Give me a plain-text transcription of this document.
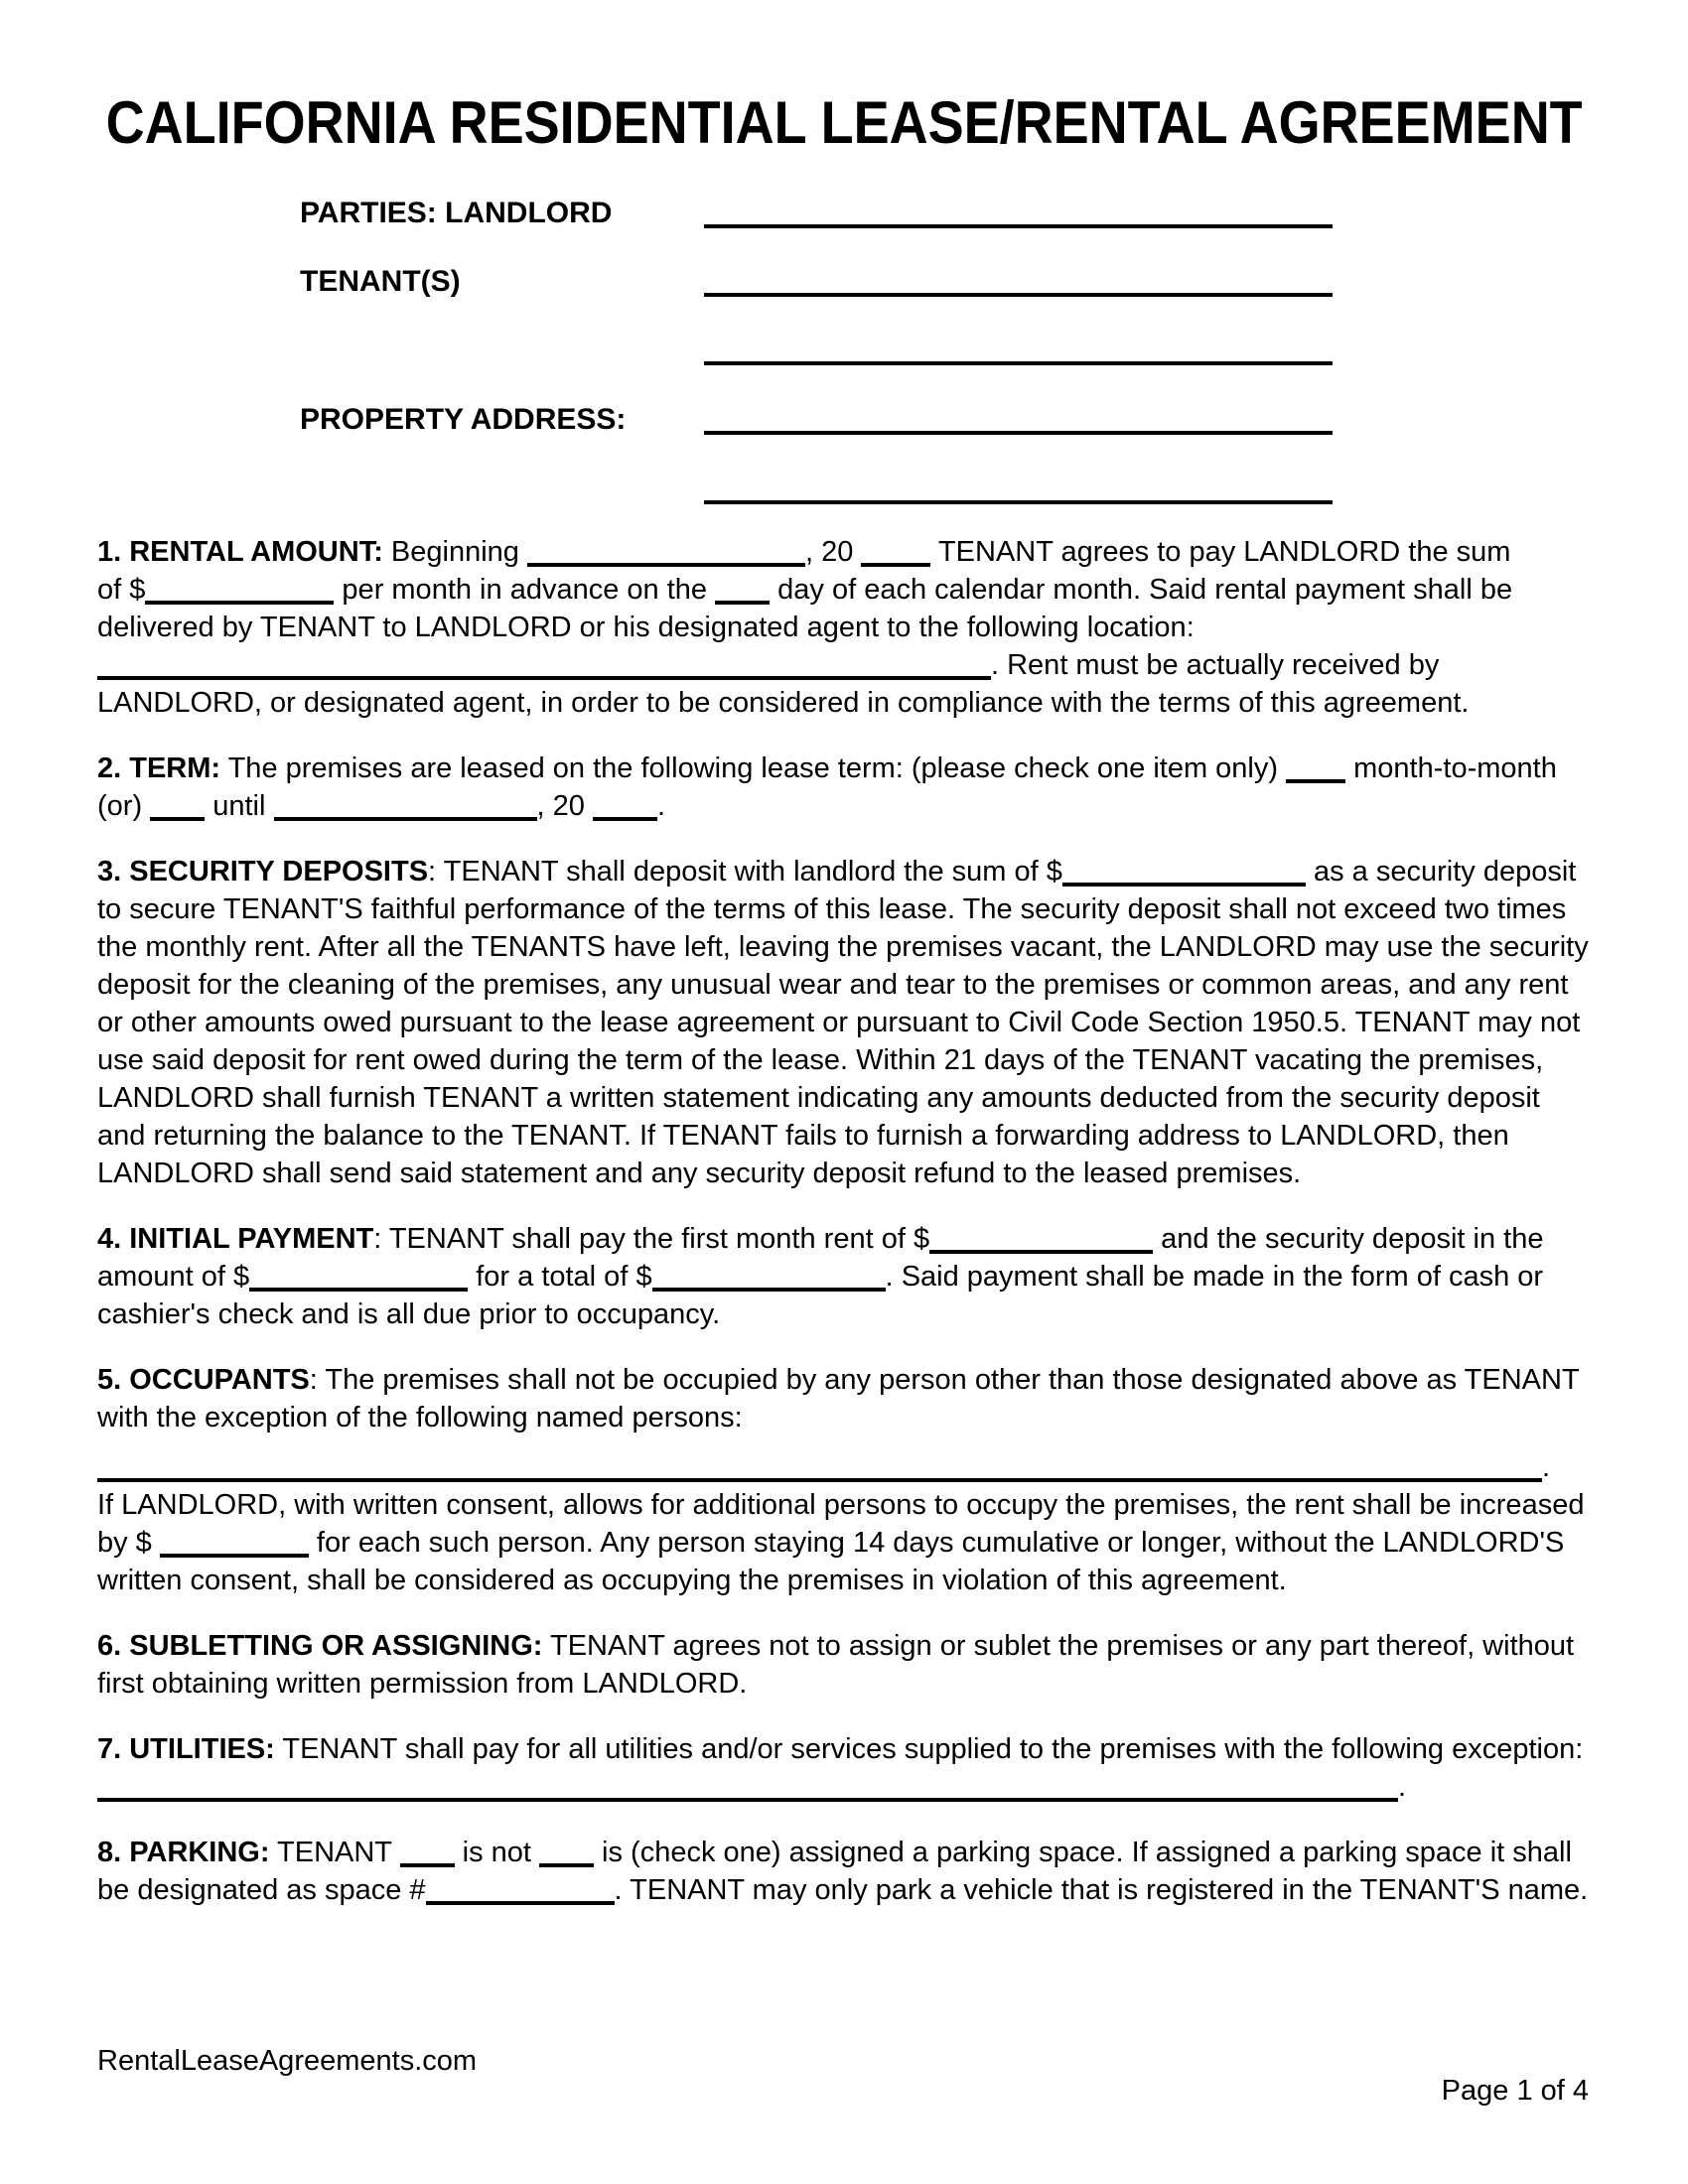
CALIFORNIA RESIDENTIAL LEASE/RENTAL AGREEMENT
PARTIES: LANDLORD
TENANT(S)
PROPERTY ADDRESS:

1. RENTAL AMOUNT: Beginning	, 20  TENANT agrees to pay LANDLORD the sum of $	per month in advance on the  day of each calendar month. Said rental payment shall be delivered by TENANT to LANDLORD or his designated agent to the following location: . Rent must be actually received by LANDLORD, or designated agent, in order to be considered in compliance with the terms of this agreement.

2. TERM: The premises are leased on the following lease term: (please check one item only)  month-to-month (or)  until	, 20 .

3. SECURITY DEPOSITS: TENANT shall deposit with landlord the sum of $	as a security deposit to secure TENANT'S faithful performance of the terms of this lease. The security deposit shall not exceed two times the monthly rent. After all the TENANTS have left, leaving the premises vacant, the LANDLORD may use the security deposit for the cleaning of the premises, any unusual wear and tear to the premises or common areas, and any rent or other amounts owed pursuant to the lease agreement or pursuant to Civil Code Section 1950.5. TENANT may not use said deposit for rent owed during the term of the lease. Within 21 days of the TENANT vacating the premises, LANDLORD shall furnish TENANT a written statement indicating any amounts deducted from the security deposit and returning the balance to the TENANT. If TENANT fails to furnish a forwarding address to LANDLORD, then LANDLORD shall send said statement and any security deposit refund to the leased premises.

4. INITIAL PAYMENT: TENANT shall pay the first month rent of $	and the security deposit in the amount of $	for a total of $	. Said payment shall be made in the form of cash or cashier's check and is all due prior to occupancy.

5. OCCUPANTS: The premises shall not be occupied by any person other than those designated above as TENANT with the exception of the following named persons:

.

If LANDLORD, with written consent, allows for additional persons to occupy the premises, the rent shall be increased by $	for each such person. Any person staying 14 days cumulative or longer, without the LANDLORD'S written consent, shall be considered as occupying the premises in violation of this agreement.

6. SUBLETTING OR ASSIGNING: TENANT agrees not to assign or sublet the premises or any part thereof, without first obtaining written permission from LANDLORD.

7. UTILITIES: TENANT shall pay for all utilities and/or services supplied to the premises with the following exception: .

8. PARKING: TENANT  is not  is (check one) assigned a parking space. If assigned a parking space it shall be designated as space #	. TENANT may only park a vehicle that is registered in the TENANT'S name.

RentalLeaseAgreements.com
Page 1 of 4
